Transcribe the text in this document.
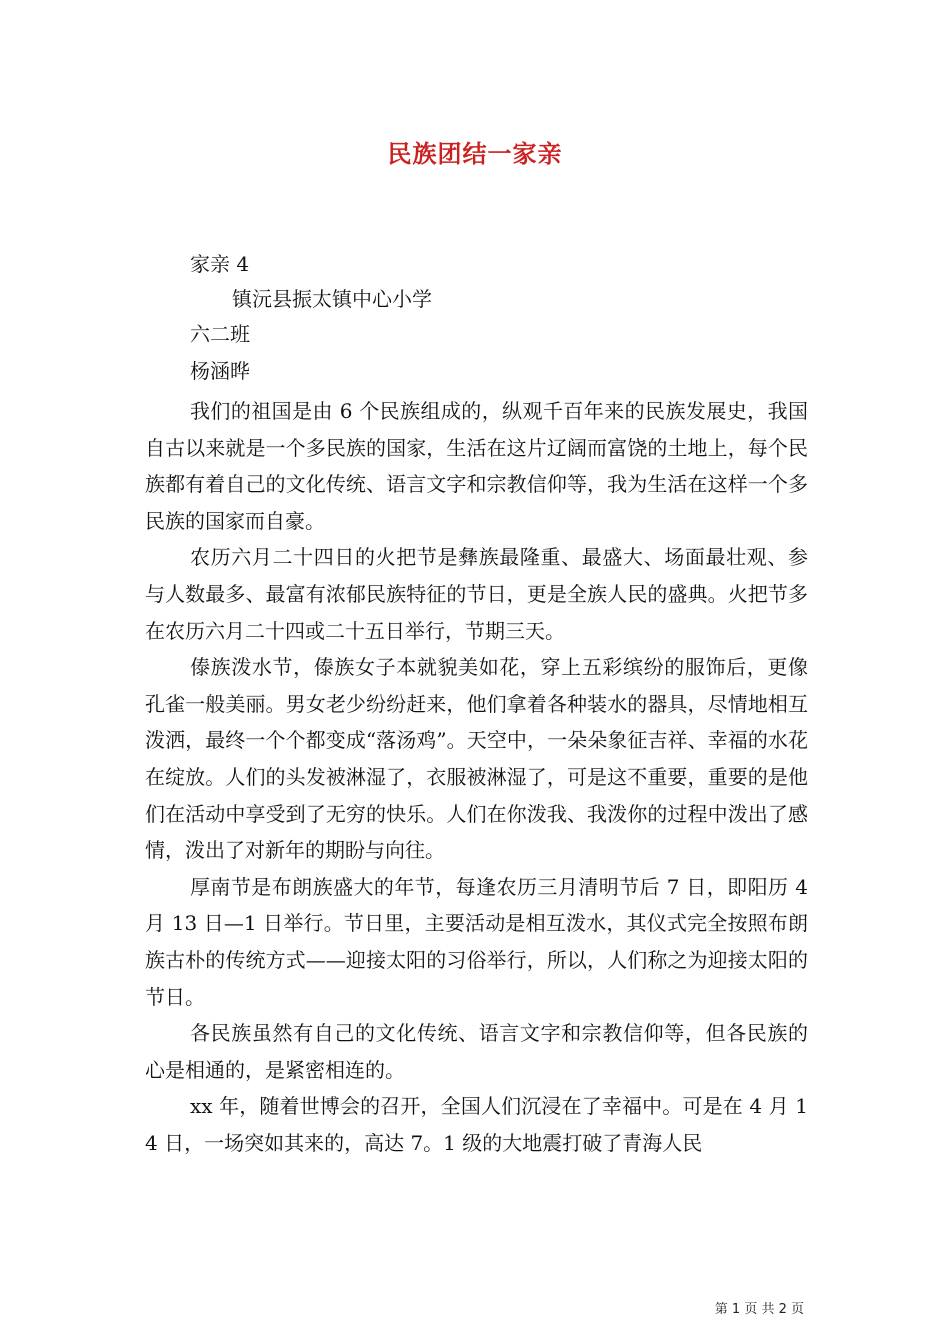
民族团结一家亲
家亲 4
镇沅县振太镇中心小学
六二班
杨涵晔

我们的祖国是由 6 个民族组成的，纵观千百年来的民族发展史，我国自古以来就是一个多民族的国家，生活在这片辽阔而富饶的土地上，每个民族都有着自己的文化传统、语言文字和宗教信仰等，我为生活在这样一个多民族的国家而自豪。

农历六月二十四日的火把节是彝族最隆重、最盛大、场面最壮观、参与人数最多、最富有浓郁民族特征的节日，更是全族人民的盛典。火把节多在农历六月二十四或二十五日举行，节期三天。

傣族泼水节，傣族女子本就貌美如花，穿上五彩缤纷的服饰后，更像孔雀一般美丽。男女老少纷纷赶来，他们拿着各种装水的器具，尽情地相互泼洒，最终一个个都变成“落汤鸡”。天空中，一朵朵象征吉祥、幸福的水花在绽放。人们的头发被淋湿了，衣服被淋湿了，可是这不重要，重要的是他们在活动中享受到了无穷的快乐。人们在你泼我、我泼你的过程中泼出了感情，泼出了对新年的期盼与向往。

厚南节是布朗族盛大的年节，每逢农历三月清明节后 7 日，即阳历 4 月 13 日—1 日举行。节日里，主要活动是相互泼水，其仪式完全按照布朗族古朴的传统方式——迎接太阳的习俗举行，所以，人们称之为迎接太阳的节日。

各民族虽然有自己的文化传统、语言文字和宗教信仰等，但各民族的心是相通的，是紧密相连的。

xx 年，随着世博会的召开，全国人们沉浸在了幸福中。可是在 4 月 14 日，一场突如其来的，高达 7。1 级的大地震打破了青海人民

第 1 页 共 2 页
